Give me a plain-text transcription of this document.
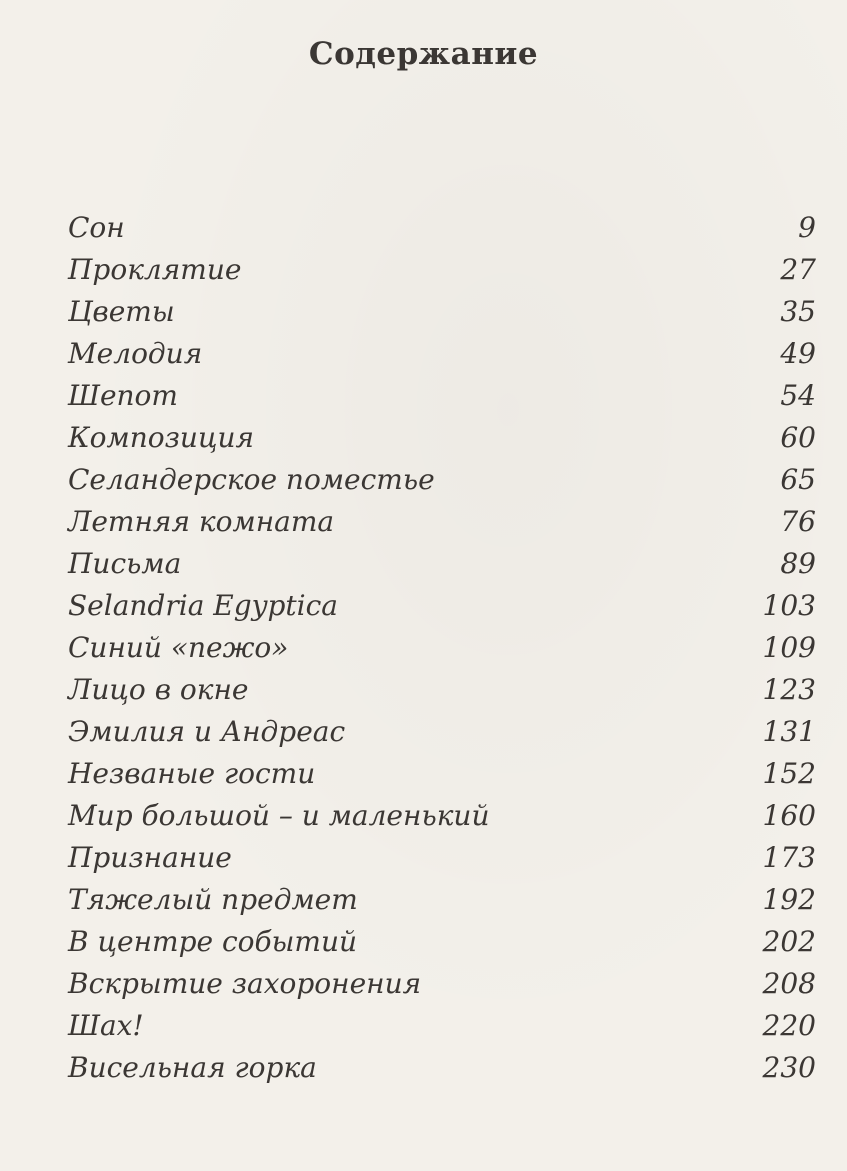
Содержание
Сон	9
Проклятие	27
Цветы	35
Мелодия	49
Шепот	54
Композиция	60
Селандерское поместье	65
Летняя комната	76
Письма	89
Selandria Egyptica	103
Синий «пежо»	109
Лицо в окне	123
Эмилия и Андреас	131
Незваные гости	152
Мир большой – и маленький	160
Признание	173
Тяжелый предмет	192
В центре событий	202
Вскрытие захоронения	208
Шах!	220
Висельная горка	230
